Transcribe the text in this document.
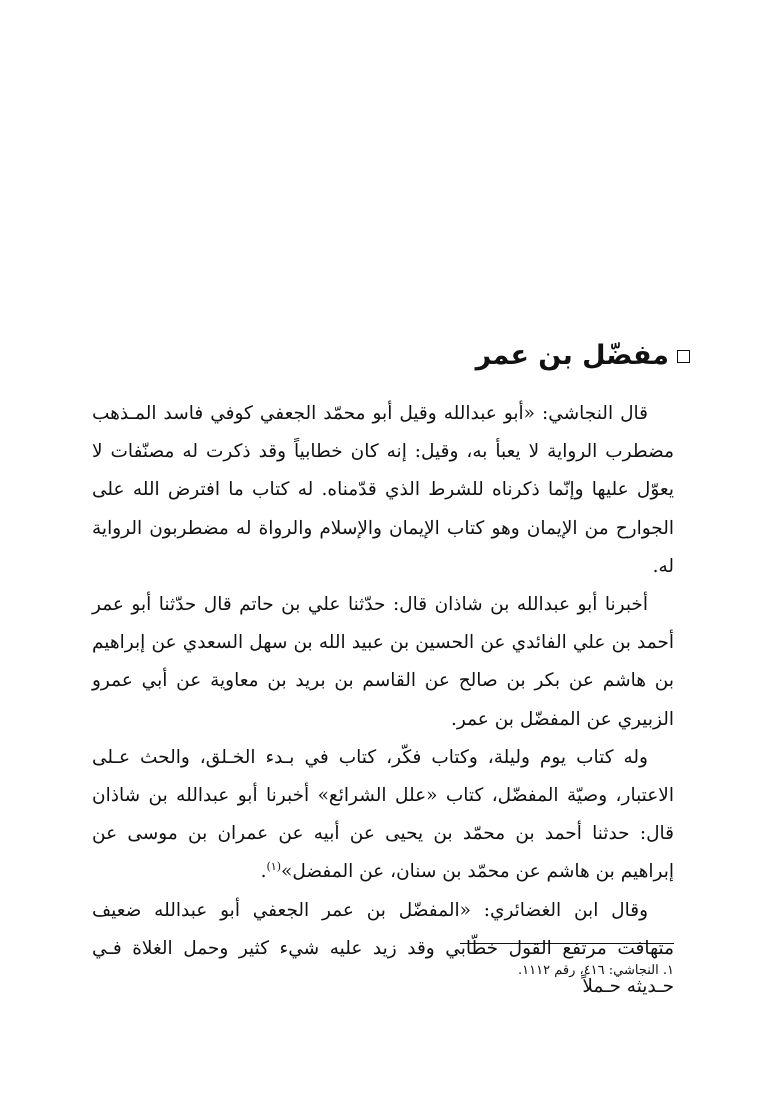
مفضّل بن عمر

قال النجاشي: «أبو عبدالله وقيل أبو محمّد الجعفي كوفي فاسد المـذهب مضطرب الرواية لا يعبأ به، وقيل: إنه كان خطابياً وقد ذكرت له مصنّفات لا يعوّل عليها وإنّما ذكرناه للشرط الذي قدّمناه. له كتاب ما افترض الله على الجوارح من الإيمان وهو كتاب الإيمان والإسلام والرواة له مضطربون الرواية له.

أخبرنا أبو عبدالله بن شاذان قال: حدّثنا علي بن حاتم قال حدّثنا أبو عمر أحمد بن علي الفائدي عن الحسين بن عبيد الله بن سهل السعدي عن إبراهيم بن هاشم عن بكر بن صالح عن القاسم بن بريد بن معاوية عن أبي عمرو الزبيري عن المفضّل بن عمر.

وله كتاب يوم وليلة، وكتاب فكّر، كتاب في بـدء الخـلق، والحث عـلى الاعتبار، وصيّة المفضّل، كتاب «علل الشرائع» أخبرنا أبو عبدالله بن شاذان قال: حدثنا أحمد بن محمّد بن يحيى عن أبيه عن عمران بن موسى عن إبراهيم بن هاشم عن محمّد بن سنان، عن المفضل»$^{(١)}$.

وقال ابن الغضائري: «المفضّل بن عمر الجعفي أبو عبدالله ضعيف متهافت مرتفع القول خطّابي وقد زيد عليه شيء كثير وحمل الغلاة فـي حـديثه حـملاً

١. النجاشي: ٤١٦، رقم ١١١٢.
